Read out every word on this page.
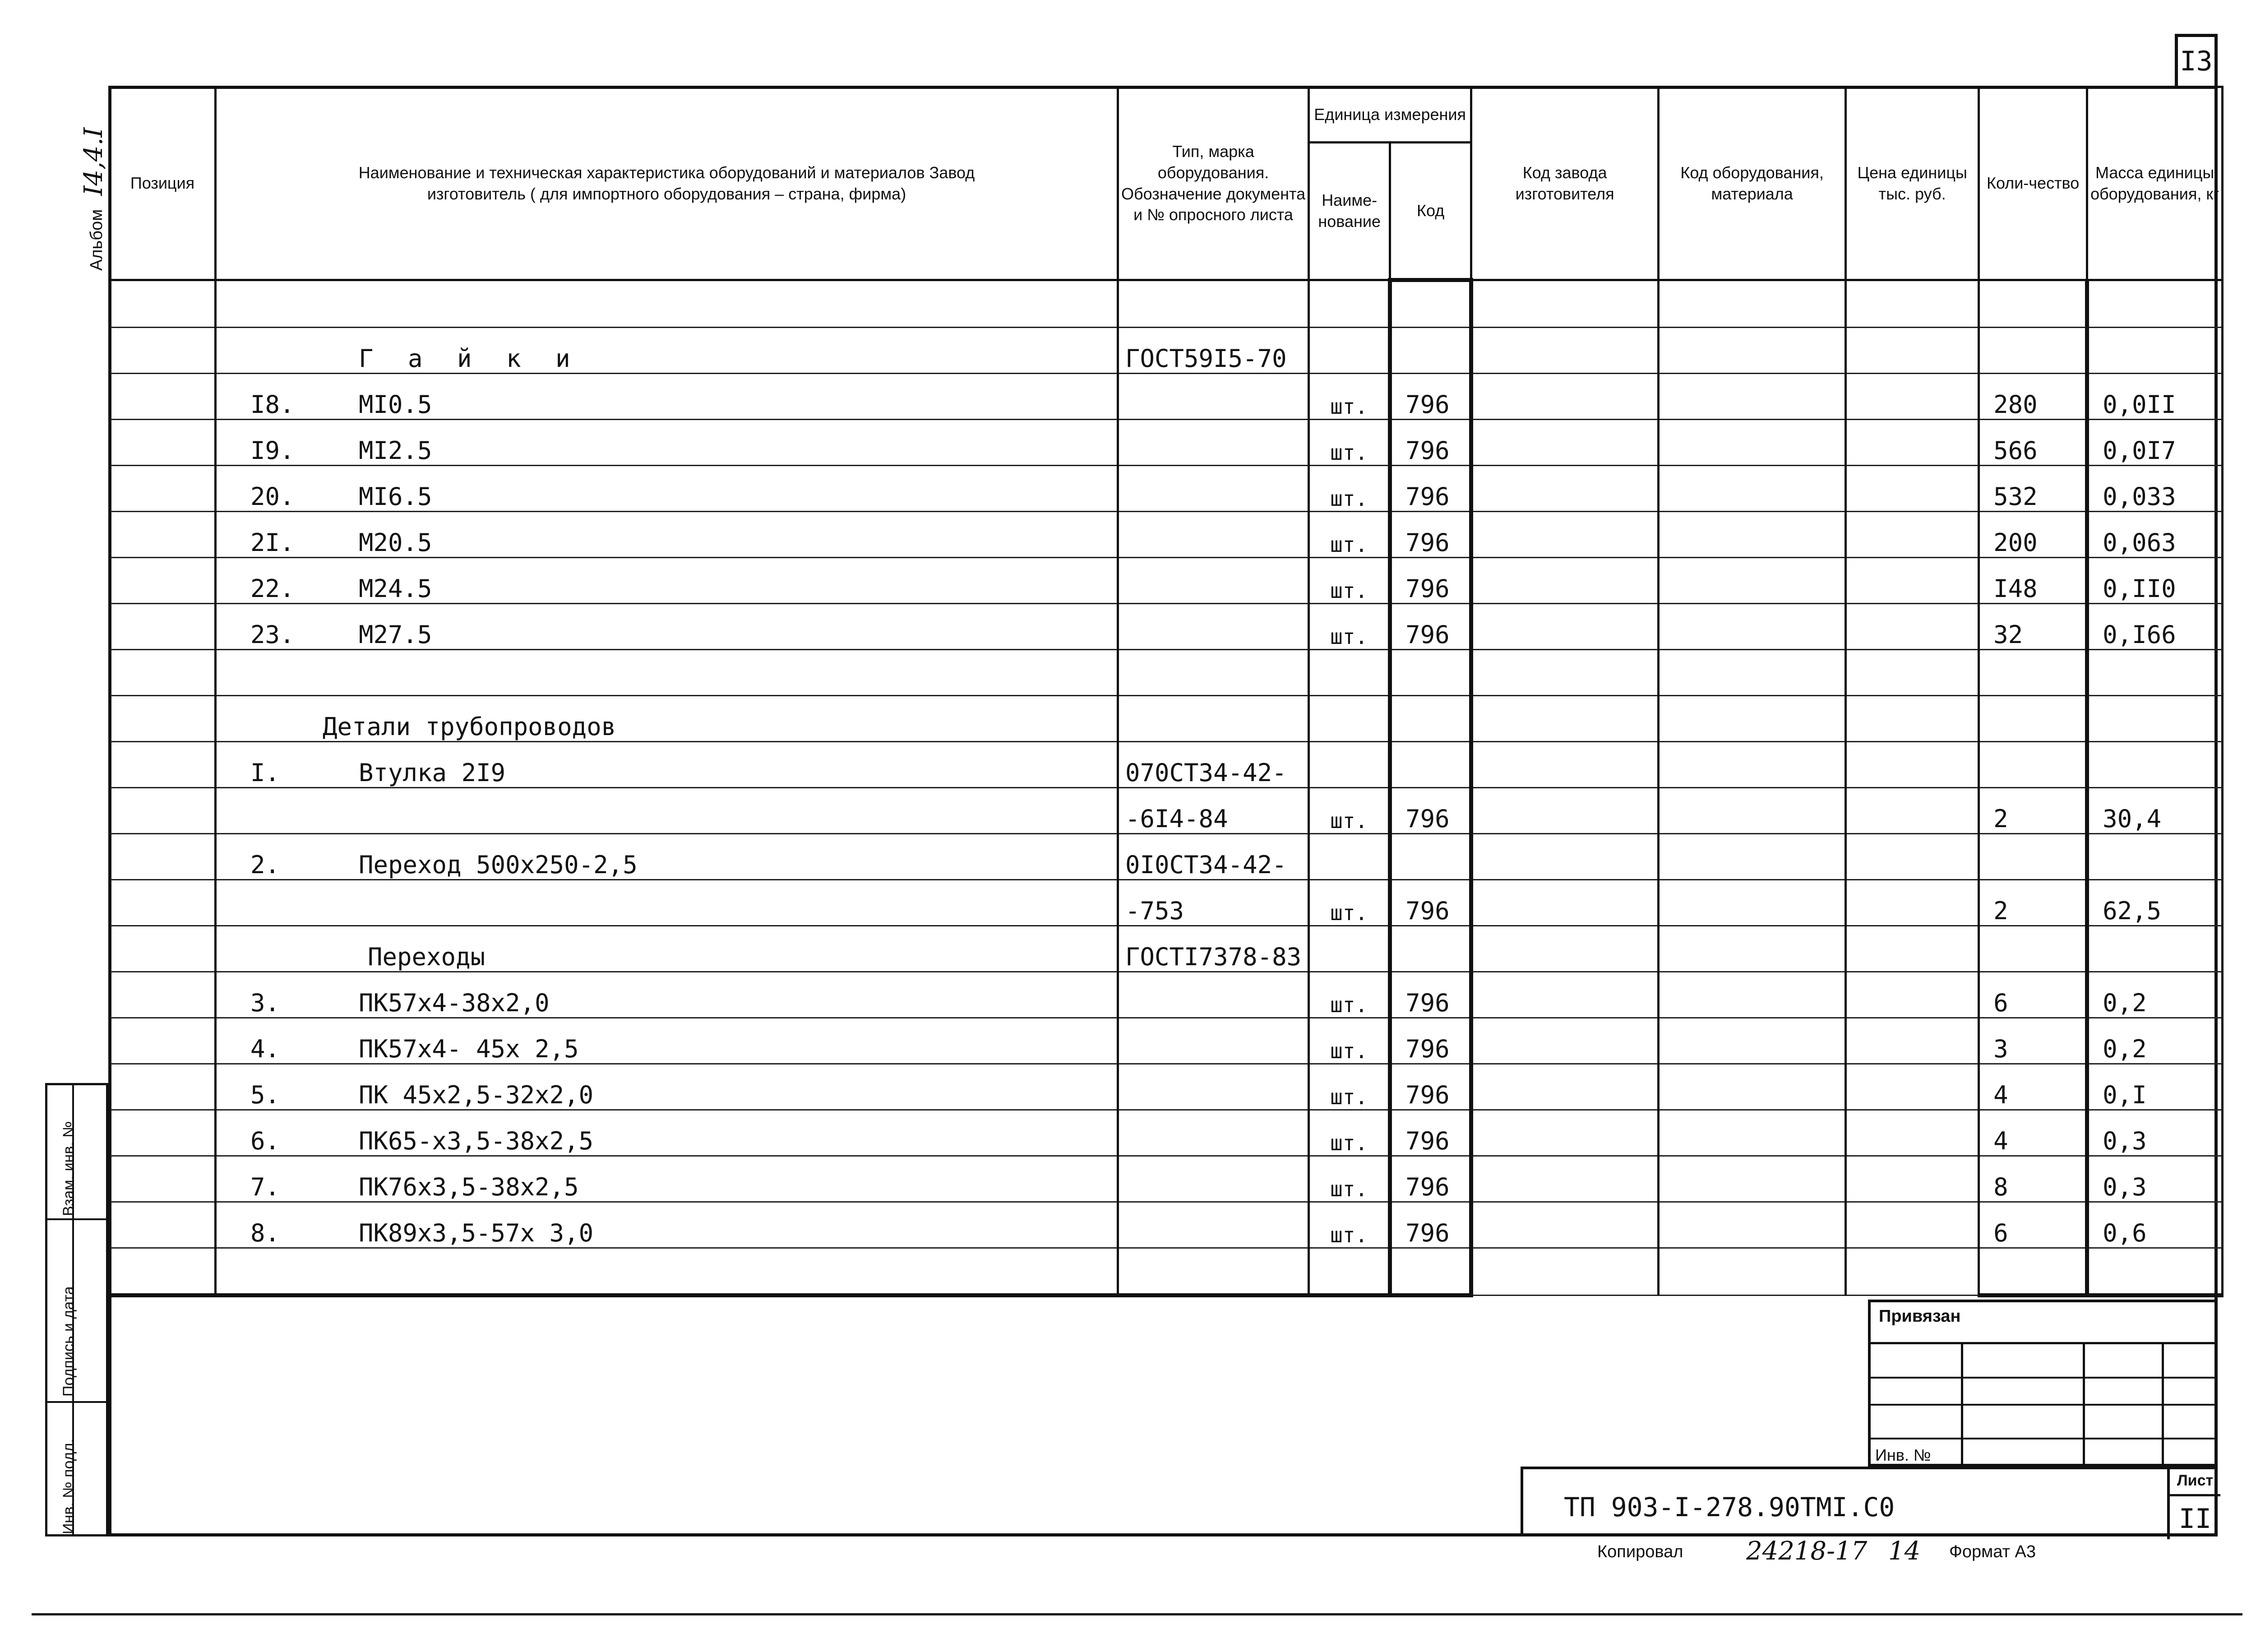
I3
АльбомI4,4.I
Взам. инв. №
Подпись и дата
Инв. № подл.
Позиция	Наименование и техническая характеристика оборудований и материалов Завод изготовитель ( для импортного оборудования – страна, фирма)	Тип, марка оборудования. Обозначение документа и № опросного листа	Единица измерения		Код завода изготовителя	Код оборудования, материала	Цена единицы тыс. руб.	Коли-чество	Масса единицы оборудования, кг
			Наиме-нование	Код					

	Г а й к и	ГОСТ59I5-70							
	I8. MI0.5		шт.	796				280	0,0II
	I9. MI2.5		шт.	796				566	0,0I7
	20. MI6.5		шт.	796				532	0,033
	2I. M20.5		шт.	796				200	0,063
	22. M24.5		шт.	796				I48	0,II0
	23. M27.5		шт.	796				32	0,I66

	Детали трубопроводов								
	I. Втулка 2I9	070СТ34-42-							
		-6I4-84	шт.	796				2	30,4
	2. Переход 500х250-2,5	0I0СТ34-42-							
		-753	шт.	796				2	62,5
	Переходы	ГОСТI7378-83							
	3. ПК57х4-38х2,0		шт.	796				6	0,2
	4. ПК57х4- 45х 2,5		шт.	796				3	0,2
	5. ПК 45х2,5-32х2,0		шт.	796				4	0,I
	6. ПК65-х3,5-38х2,5		шт.	796				4	0,3
	7. ПК76х3,5-38х2,5		шт.	796				8	0,3
	8. ПК89х3,5-57х 3,0		шт.	796				6	0,6

Привязан
Инв. №
ТП 903-I-278.90ТМI.С0
Лист
II
Копировал 24218-17 14 Формат А3
